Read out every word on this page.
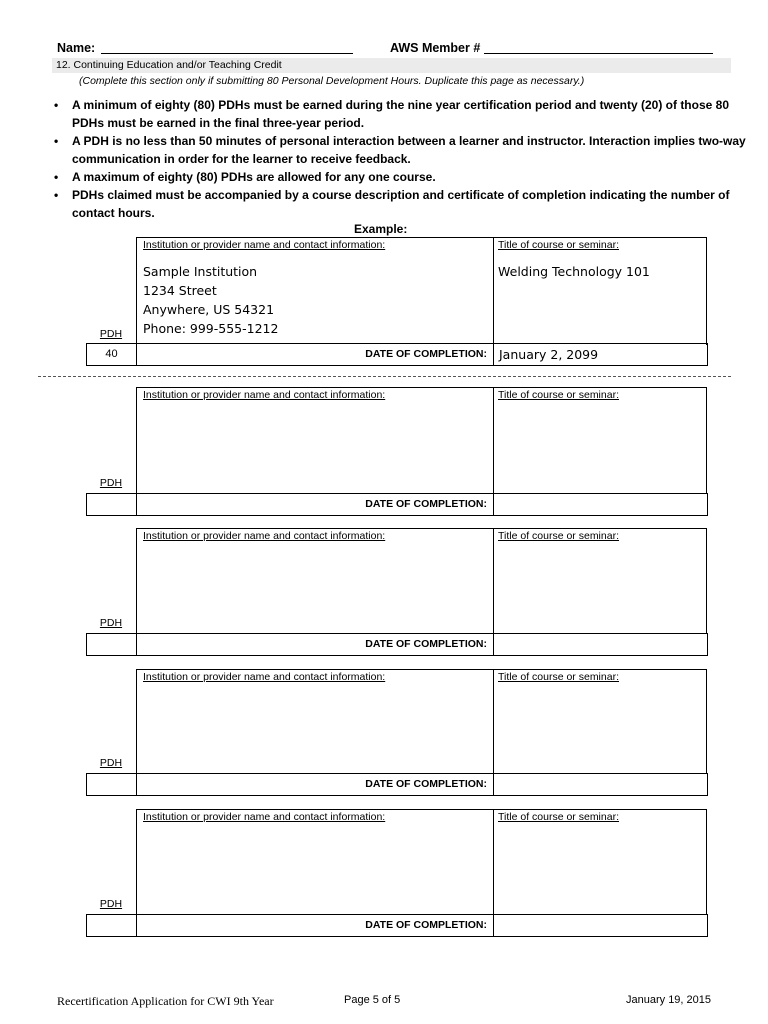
Name:	AWS Member #
12. Continuing Education and/or Teaching Credit
(Complete this section only if submitting 80 Personal Development Hours. Duplicate this page as necessary.)
• A minimum of eighty (80) PDHs must be earned during the nine year certification period and twenty (20) of those 80 PDHs must be earned in the final three-year period.
• A PDH is no less than 50 minutes of personal interaction between a learner and instructor. Interaction implies two-way communication in order for the learner to receive feedback.
• A maximum of eighty (80) PDHs are allowed for any one course.
• PDHs claimed must be accompanied by a course description and certificate of completion indicating the number of contact hours.
Example:
Institution or provider name and contact information:
Sample Institution
1234 Street
Anywhere, US 54321
Phone: 999-555-1212
Title of course or seminar:
Welding Technology 101
PDH
40	DATE OF COMPLETION: January 2, 2099
Institution or provider name and contact information:	Title of course or seminar:
PDH
DATE OF COMPLETION:
Institution or provider name and contact information:	Title of course or seminar:
PDH
DATE OF COMPLETION:
Institution or provider name and contact information:	Title of course or seminar:
PDH
DATE OF COMPLETION:
Institution or provider name and contact information:	Title of course or seminar:
PDH
DATE OF COMPLETION:
Recertification Application for CWI 9th Year	Page 5 of 5	January 19, 2015
